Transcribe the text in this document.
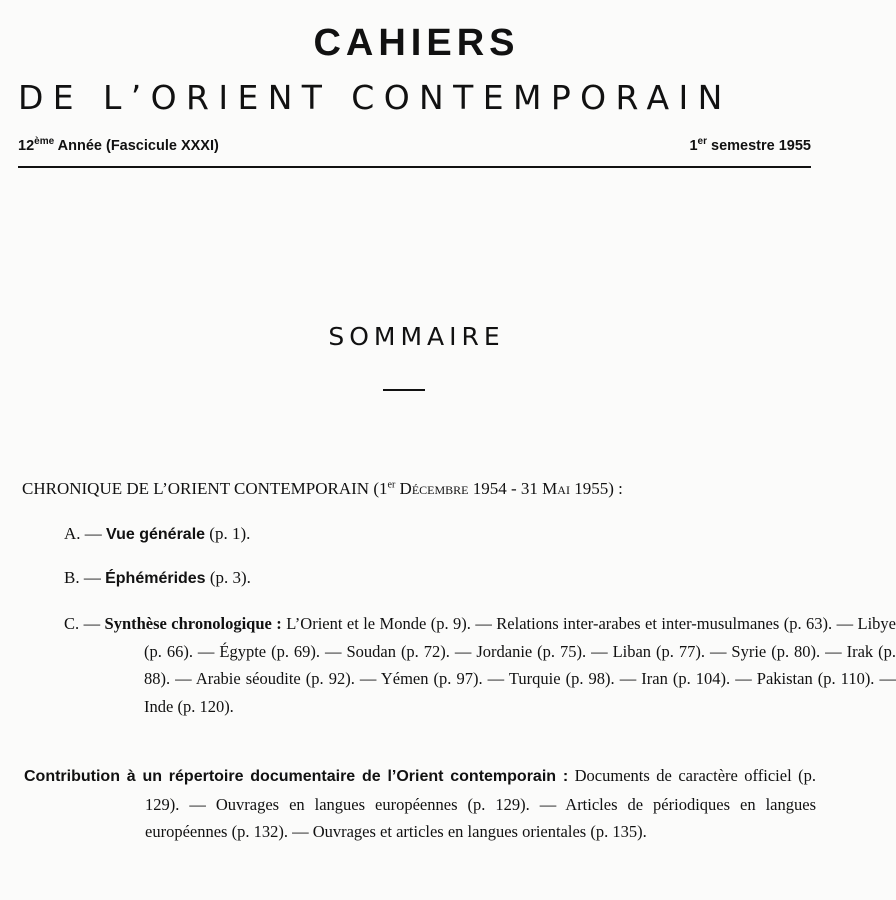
CAHIERS
DE L’ORIENT CONTEMPORAIN
12ème Année (Fascicule XXXI)	1er semestre 1955
SOMMAIRE
CHRONIQUE DE L’ORIENT CONTEMPORAIN (1er Décembre 1954 - 31 Mai 1955) :
A. — Vue générale (p. 1).
B. — Éphémérides (p. 3).
C. — Synthèse chronologique : L’Orient et le Monde (p. 9). — Relations inter-arabes et inter-musulmanes (p. 63). — Libye (p. 66). — Égypte (p. 69). — Soudan (p. 72). — Jordanie (p. 75). — Liban (p. 77). — Syrie (p. 80). — Irak (p. 88). — Arabie séoudite (p. 92). — Yémen (p. 97). — Turquie (p. 98). — Iran (p. 104). — Pakistan (p. 110). — Inde (p. 120).
Contribution à un répertoire documentaire de l’Orient contemporain : Documents de caractère officiel (p. 129). — Ouvrages en langues européennes (p. 129). — Articles de périodiques en langues européennes (p. 132). — Ouvrages et articles en langues orientales (p. 135).
